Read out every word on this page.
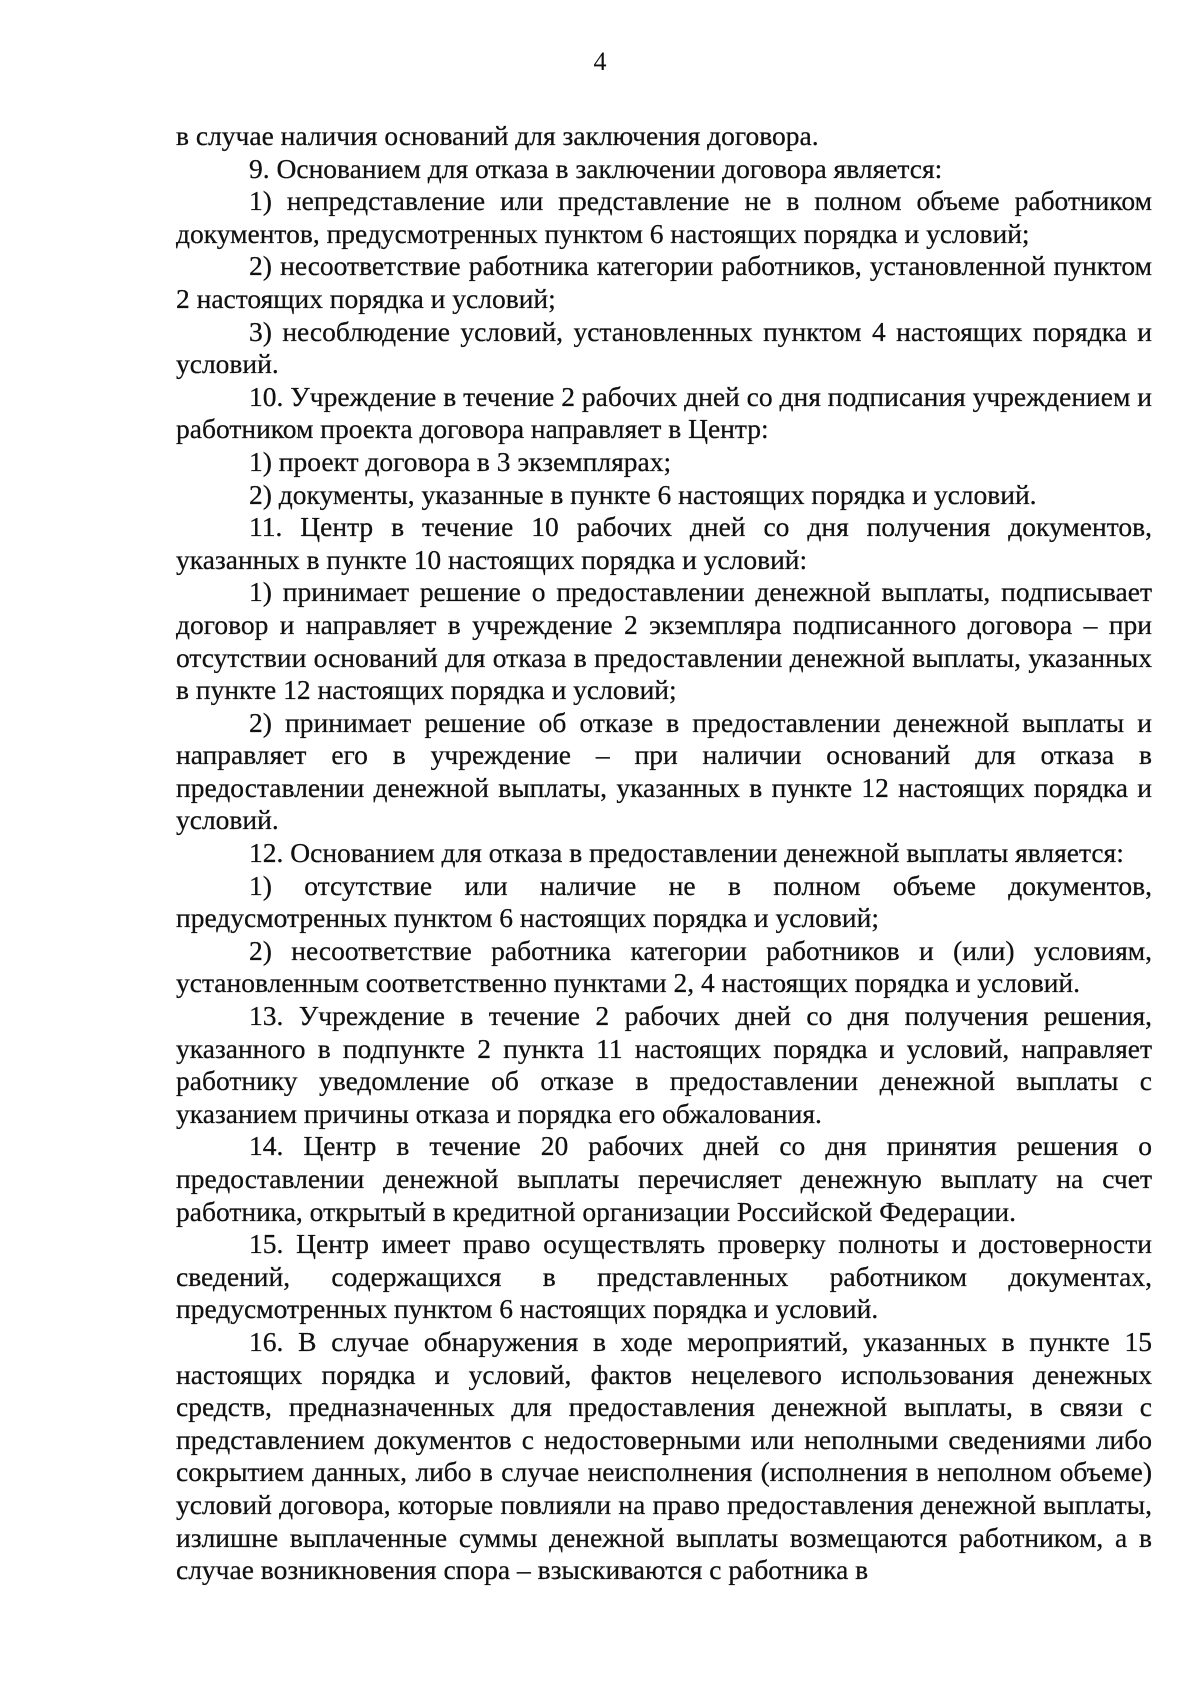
4

в случае наличия оснований для заключения договора.

9. Основанием для отказа в заключении договора является:

1) непредставление или представление не в полном объеме работником документов, предусмотренных пунктом 6 настоящих порядка и условий;

2) несоответствие работника категории работников, установленной пунктом 2 настоящих порядка и условий;

3) несоблюдение условий, установленных пунктом 4 настоящих порядка и условий.

10. Учреждение в течение 2 рабочих дней со дня подписания учреждением и работником проекта договора направляет в Центр:

1) проект договора в 3 экземплярах;

2) документы, указанные в пункте 6 настоящих порядка и условий.

11. Центр в течение 10 рабочих дней со дня получения документов, указанных в пункте 10 настоящих порядка и условий:

1) принимает решение о предоставлении денежной выплаты, подписывает договор и направляет в учреждение 2 экземпляра подписанного договора – при отсутствии оснований для отказа в предоставлении денежной выплаты, указанных в пункте 12 настоящих порядка и условий;

2) принимает решение об отказе в предоставлении денежной выплаты и направляет его в учреждение – при наличии оснований для отказа в предоставлении денежной выплаты, указанных в пункте 12 настоящих порядка и условий.

12. Основанием для отказа в предоставлении денежной выплаты является:

1) отсутствие или наличие не в полном объеме документов, предусмотренных пунктом 6 настоящих порядка и условий;

2) несоответствие работника категории работников и (или) условиям, установленным соответственно пунктами 2, 4 настоящих порядка и условий.

13. Учреждение в течение 2 рабочих дней со дня получения решения, указанного в подпункте 2 пункта 11 настоящих порядка и условий, направляет работнику уведомление об отказе в предоставлении денежной выплаты с указанием причины отказа и порядка его обжалования.

14. Центр в течение 20 рабочих дней со дня принятия решения о предоставлении денежной выплаты перечисляет денежную выплату на счет работника, открытый в кредитной организации Российской Федерации.

15. Центр имеет право осуществлять проверку полноты и достоверности сведений, содержащихся в представленных работником документах, предусмотренных пунктом 6 настоящих порядка и условий.

16. В случае обнаружения в ходе мероприятий, указанных в пункте 15 настоящих порядка и условий, фактов нецелевого использования денежных средств, предназначенных для предоставления денежной выплаты, в связи с представлением документов с недостоверными или неполными сведениями либо сокрытием данных, либо в случае неисполнения (исполнения в неполном объеме) условий договора, которые повлияли на право предоставления денежной выплаты, излишне выплаченные суммы денежной выплаты возмещаются работником, а в случае возникновения спора – взыскиваются с работника в
